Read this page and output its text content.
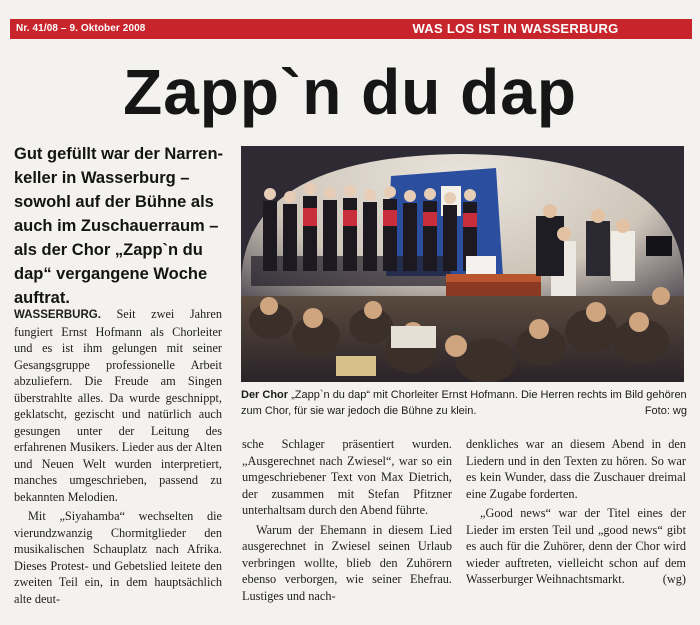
Nr. 41/08 – 9. Oktober 2008	WAS LOS IST IN WASSERBURG
Zapp`n du dap
Gut gefüllt war der Narren-keller in Wasserburg – sowohl auf der Bühne als auch im Zuschauerraum – als der Chor „Zapp`n du dap“ vergangene Woche auftrat.
Der Chor „Zapp`n du dap“ mit Chorleiter Ernst Hofmann. Die Herren rechts im Bild gehören zum Chor, für sie war jedoch die Bühne zu klein.	Foto: wg

WASSERBURG. Seit zwei Jahren fungiert Ernst Hofmann als Chorleiter und es ist ihm gelungen mit seiner Gesangsgruppe professionelle Arbeit abzuliefern. Die Freude am Singen überstrahlte alles. Da wurde geschnippt, geklatscht, gezischt und natürlich auch gesungen unter der Leitung des erfahrenen Musikers. Lieder aus der Alten und Neuen Welt wurden interpretiert, manches umgeschrieben, passend zu bekannten Melodien.

Mit „Siyahamba“ wechselten die vierundzwanzig Chormitglieder den musikalischen Schauplatz nach Afrika. Dieses Protest- und Gebetslied leitete den zweiten Teil ein, in dem hauptsächlich alte deut-

sche Schlager präsentiert wurden. „Ausgerechnet nach Zwiesel“, war so ein umgeschriebener Text von Max Dietrich, der zusammen mit Stefan Pfitzner unterhaltsam durch den Abend führte.

Warum der Ehemann in diesem Lied ausgerechnet in Zwiesel seinen Urlaub verbringen wollte, blieb den Zuhörern ebenso verborgen, wie seiner Ehefrau. Lustiges und nach-

denkliches war an diesem Abend in den Liedern und in den Texten zu hören. So war es kein Wunder, dass die Zuschauer dreimal eine Zugabe forderten.

„Good news“ war der Titel eines der Lieder im ersten Teil und „good news“ gibt es auch für die Zuhörer, denn der Chor wird wieder auftreten, vielleicht schon auf dem Wasserburger Weihnachtsmarkt.	(wg)
